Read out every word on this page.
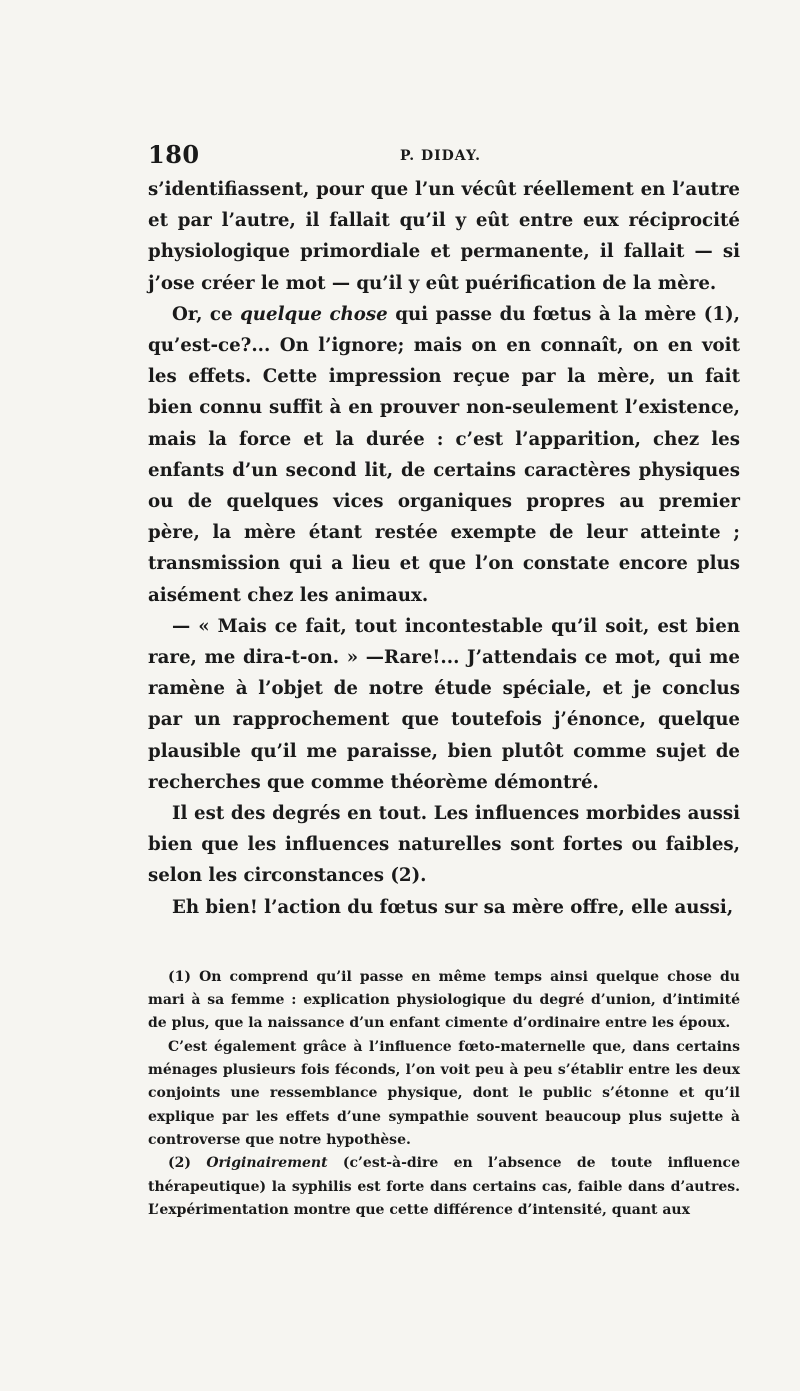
180	P. DIDAY.

s’identifiassent, pour que l’un vécût réellement en l’autre et par l’autre, il fallait qu’il y eût entre eux réciprocité physiologique primordiale et permanente, il fallait — si j’ose créer le mot — qu’il y eût puérification de la mère.

Or, ce quelque chose qui passe du fœtus à la mère (1), qu’est-ce?... On l’ignore; mais on en connaît, on en voit les effets. Cette impression reçue par la mère, un fait bien connu suffit à en prouver non-seulement l’existence, mais la force et la durée : c’est l’apparition, chez les enfants d’un second lit, de certains caractères physiques ou de quelques vices organiques propres au premier père, la mère étant restée exempte de leur atteinte ; transmission qui a lieu et que l’on constate encore plus aisément chez les animaux.

— « Mais ce fait, tout incontestable qu’il soit, est bien rare, me dira-t-on. » —Rare!... J’attendais ce mot, qui me ramène à l’objet de notre étude spéciale, et je conclus par un rapprochement que toutefois j’énonce, quelque plausible qu’il me paraisse, bien plutôt comme sujet de recherches que comme théorème démontré.

Il est des degrés en tout. Les influences morbides aussi bien que les influences naturelles sont fortes ou faibles, selon les circonstances (2).

Eh bien! l’action du fœtus sur sa mère offre, elle aussi,

(1) On comprend qu’il passe en même temps ainsi quelque chose du mari à sa femme : explication physiologique du degré d’union, d’intimité de plus, que la naissance d’un enfant cimente d’ordinaire entre les époux.

C’est également grâce à l’influence fœto-maternelle que, dans certains ménages plusieurs fois féconds, l’on voit peu à peu s’établir entre les deux conjoints une ressemblance physique, dont le public s’étonne et qu’il explique par les effets d’une sympathie souvent beaucoup plus sujette à controverse que notre hypothèse.

(2) Originairement (c’est-à-dire en l’absence de toute influence thérapeutique) la syphilis est forte dans certains cas, faible dans d’autres. L’expérimentation montre que cette différence d’intensité, quant aux
